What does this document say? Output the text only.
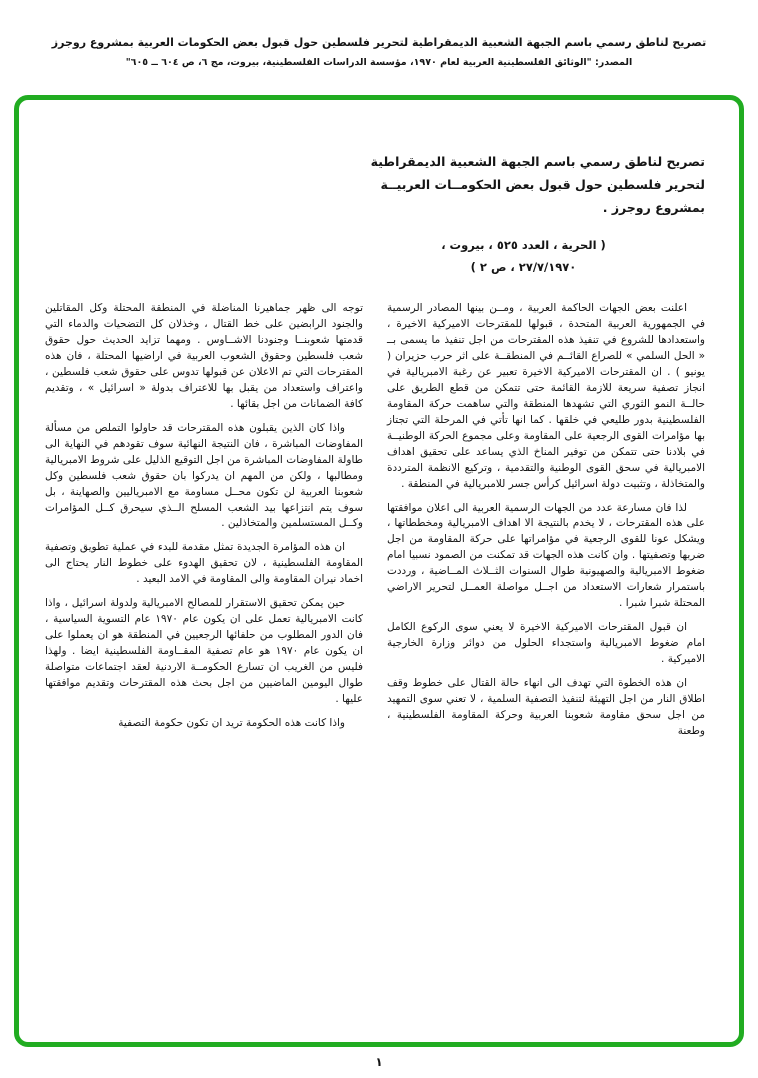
تصريح لناطق رسمي باسم الجبهة الشعبية الديمقراطية لتحرير فلسطين حول قبول بعض الحكومات العربية بمشروع روجرز
المصدر: "الوثائق الفلسطينية العربية لعام ١٩٧٠، مؤسسة الدراسات الفلسطينية، بيروت، مج ٦، ص ٦٠٤ ــ ٦٠٥"
تصريح لناطق رسمي باسم الجبهة الشعبية الديمقراطية
لتحرير فلسطين حول قبول بعض الحكومــات العربيــة
بمشروع روجرز .
( الحرية ، العدد ٥٢٥ ، بيروت ،
٢٧/٧/١٩٧٠ ، ص ٢ )

اعلنت بعض الجهات الحاكمة العربية ، ومــن بينها المصادر الرسمية في الجمهورية العربية المتحدة ، قبولها للمقترحات الاميركية الاخيرة ، واستعدادها للشروع في تنفيذ هذه المقترحات من اجل تنفيذ ما يسمى بــ « الحل السلمي » للصراع القائــم في المنطقــة على اثر حرب حزيران ( يونيو ) . ان المقترحات الاميركية الاخيرة تعبير عن رغبة الامبريالية في انجاز تصفية سريعة للازمة القائمة حتى تتمكن من قطع الطريق على حالــة النمو الثوري التي تشهدها المنطقة والتي ساهمت حركة المقاومة الفلسطينية بدور طليعي في خلقها . كما انها تأتي في المرحلة التي تجتاز بها مؤامرات القوى الرجعية على المقاومة وعلى مجموع الحركة الوطنيــة في بلادنا حتى تتمكن من توفير المناخ الذي يساعد على تحقيق اهداف الامبريالية في سحق القوى الوطنية والتقدمية ، وتركيع الانظمة المترددة والمتخاذلة ، وتثبيت دولة اسرائيل كرأس جسر للامبريالية في المنطقة .

لذا فان مسارعة عدد من الجهات الرسمية العربية الى اعلان موافقتها على هذه المقترحات ، لا يخدم بالنتيجة الا اهداف الامبريالية ومخططاتها ، ويشكل عونا للقوى الرجعية في مؤامراتها على حركة المقاومة من اجل ضربها وتصفيتها . وان كانت هذه الجهات قد تمكنت من الصمود نسبيا امام ضغوط الامبريالية والصهيونية طوال السنوات الثــلاث المــاضية ، ورددت باستمرار شعارات الاستعداد من اجــل مواصلة العمــل لتحرير الاراضي المحتلة شبرا شبرا .

ان قبول المقترحات الاميركية الاخيرة لا يعني سوى الركوع الكامل امام ضغوط الامبريالية واستجداء الحلول من دوائر وزارة الخارجية الاميركية .

ان هذه الخطوة التي تهدف الى انهاء حالة القتال على خطوط وقف اطلاق النار من اجل التهيئة لتنفيذ التصفية السلمية ، لا تعني سوى التمهيد من اجل سحق مقاومة شعوبنا العربية وحركة المقاومة الفلسطينية ، وطعنة

توجه الى ظهر جماهيرنا المناضلة في المنطقة المحتلة وكل المقاتلين والجنود الرابضين على خط القتال ، وخذلان كل التضحيات والدماء التي قدمتها شعوبنــا وجنودنا الاشــاوس . ومهما تزايد الحديث حول حقوق شعب فلسطين وحقوق الشعوب العربية في اراضيها المحتلة ، فان هذه المقترحات التي تم الاعلان عن قبولها تدوس على حقوق شعب فلسطين ، واعتراف واستعداد من يقبل بها للاعتراف بدولة « اسرائيل » ، وتقديم كافة الضمانات من اجل بقائها .

واذا كان الذين يقبلون هذه المقترحات قد حاولوا التملص من مسألة المفاوضات المباشرة ، فان النتيجة النهائية سوف تقودهم في النهاية الى طاولة المفاوضات المباشرة من اجل التوقيع الذليل على شروط الامبريالية ومطالبها ، ولكن من المهم ان يدركوا بان حقوق شعب فلسطين وكل شعوبنا العربية لن تكون محــل مساومة مع الامبرياليين والصهاينة ، بل سوف يتم انتزاعها بيد الشعب المسلح الــذي سيحرق كــل المؤامرات وكــل المستسلمين والمتخاذلين .

ان هذه المؤامرة الجديدة تمثل مقدمة للبدء في عملية تطويق وتصفية المقاومة الفلسطينية ، لان تحقيق الهدوء على خطوط النار يحتاج الى اخماد نيران المقاومة والى المقاومة في الامد البعيد .

حين يمكن تحقيق الاستقرار للمصالح الامبريالية ولدولة اسرائيل ، واذا كانت الامبريالية تعمل على ان يكون عام ١٩٧٠ عام التسوية السياسية ، فان الدور المطلوب من حلفائها الرجعيين في المنطقة هو ان يعملوا على ان يكون عام ١٩٧٠ هو عام تصفية المقــاومة الفلسطينية ايضا . ولهذا فليس من الغريب ان تسارع الحكومــة الاردنية لعقد اجتماعات متواصلة طوال اليومين الماضيين من اجل بحث هذه المقترحات وتقديم موافقتها عليها .

واذا كانت هذه الحكومة تريد ان تكون حكومة التصفية

١
